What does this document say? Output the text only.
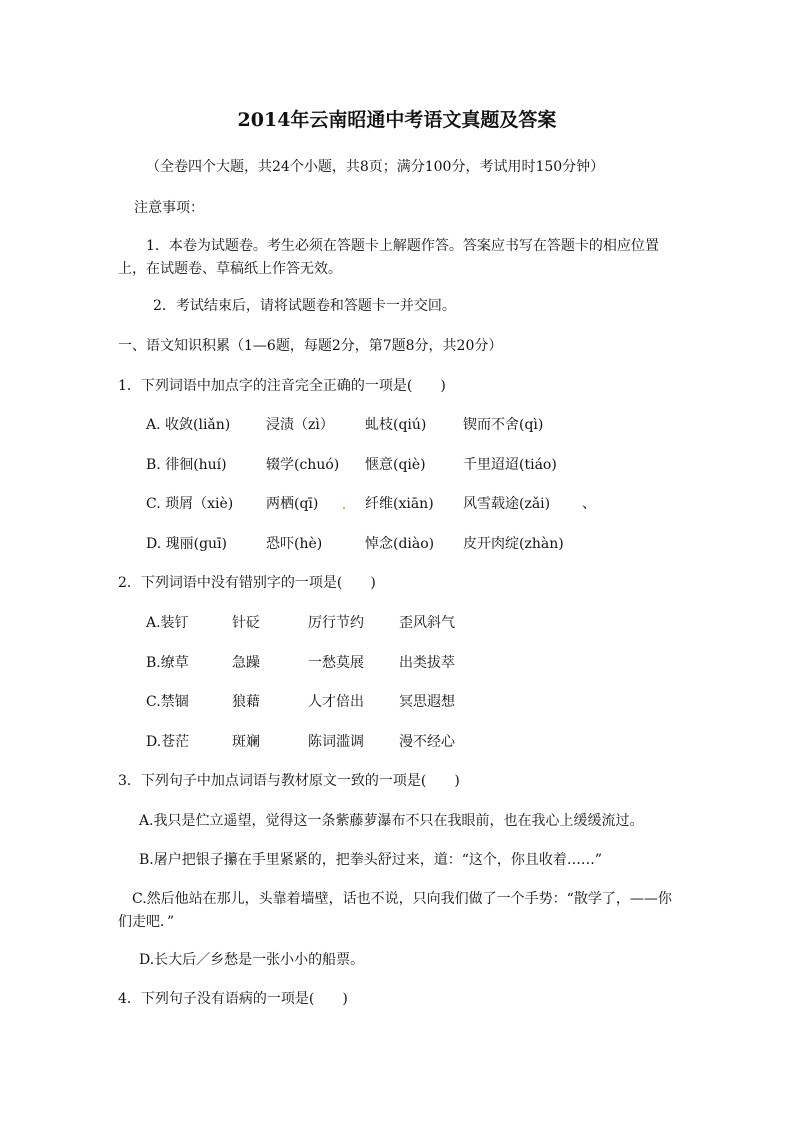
2014年云南昭通中考语文真题及答案
（全卷四个大题，共24个小题，共8页；满分100分，考试用时150分钟）
注意事项：
　　1．本卷为试题卷。考生必须在答题卡上解题作答。答案应书写在答题卡的相应位置上，在试题卷、草稿纸上作答无效。
2．考试结束后，请将试题卷和答题卡一并交回。
一、语文知识积累（1—6题，每题2分，第7题8分，共20分）
1．下列词语中加点字的注音完全正确的一项是(　　)
A. 收敛(liǎn)	浸渍（zì） 虬枝(qiú)	锲而不舍(qì)
B. 徘徊(huí)	辍学(chuó) 惬意(qiè)	千里迢迢(tiáo)
C. 琐屑（xiè) 两栖(qī)	纤维(xiān) 风雪载途(zǎi) 、
D. 瑰丽(guī)	恐吓(hè)	悼念(diào) 皮开肉绽(zhàn)
2．下列词语中没有错别字的一项是(　　)
A.装钉	针砭	厉行节约	歪风斜气
B.缭草	急躁	一愁莫展	出类拔萃
C.禁锢	狼藉	人才倍出	冥思遐想
D.苍茫	斑斓	陈词滥调	漫不经心
3．下列句子中加点词语与教材原文一致的一项是(　　)
A.我只是伫立遥望，觉得这一条紫藤萝瀑布不只在我眼前，也在我心上缓缓流过。
B.屠户把银子攥在手里紧紧的，把拳头舒过来，道：“这个，你且收着……”
　C.然后他站在那儿，头靠着墙壁，话也不说，只向我们做了一个手势：“散学了，——你们走吧．”
D.长大后／乡愁是一张小小的船票。
4．下列句子没有语病的一项是(　　)
